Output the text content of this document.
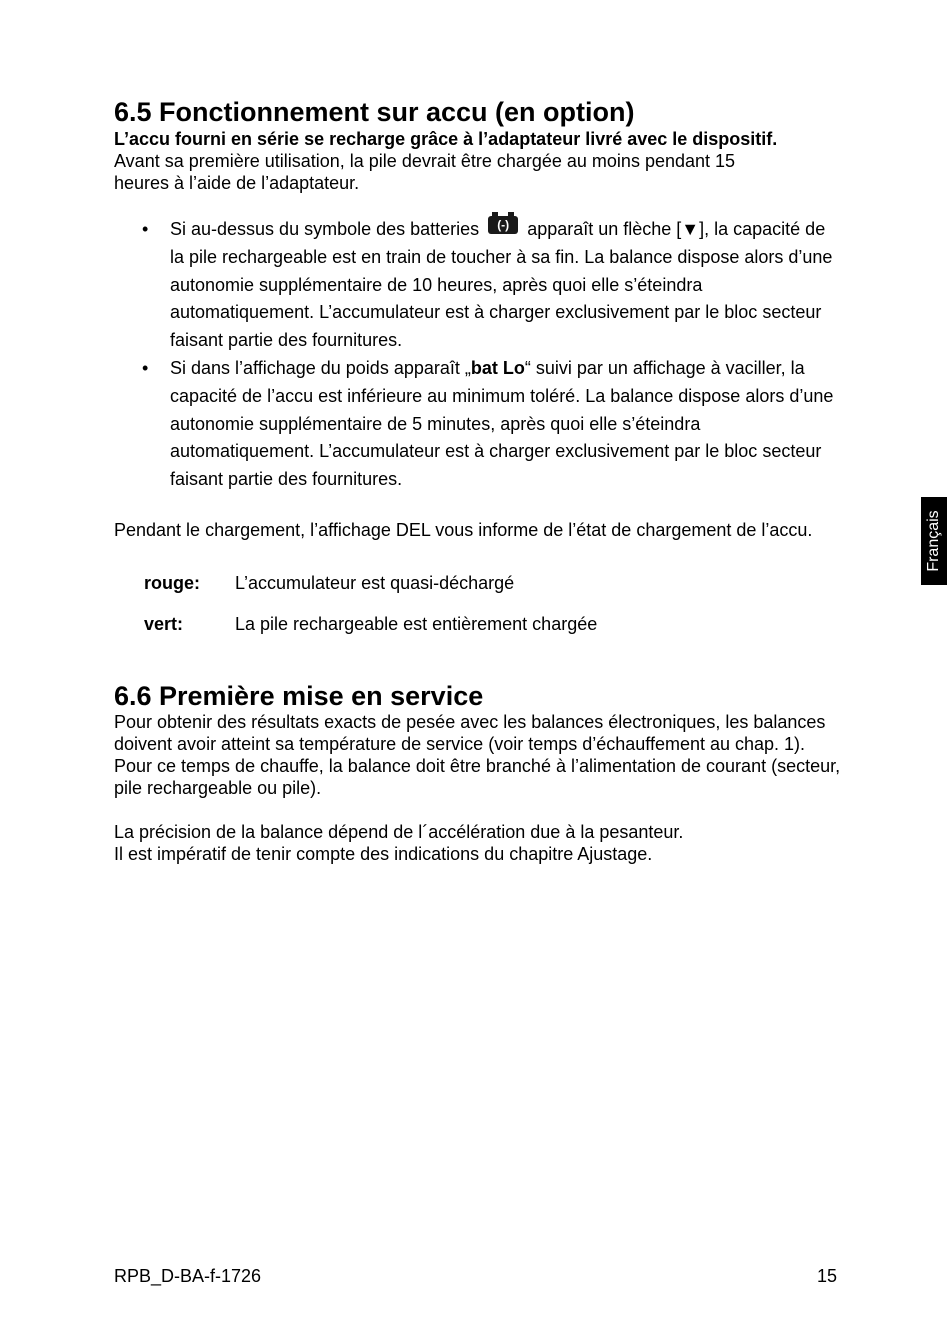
6.5 Fonctionnement sur accu (en option)

L’accu fourni en série se recharge grâce à l’adaptateur livré avec le dispositif.

Avant sa première utilisation, la pile devrait être chargée au moins pendant 15 heures à l’aide de l’adaptateur.

• Si au-dessus du symbole des batteries (-) apparaît un flèche [▼], la capacité de la pile rechargeable est en train de toucher à sa fin. La balance dispose alors d’une autonomie supplémentaire de 10 heures, après quoi elle s’éteindra automatiquement. L’accumulateur est à charger exclusivement par le bloc secteur faisant partie des fournitures.
• Si dans l’affichage du poids apparaît „bat Lo“ suivi par un affichage à vaciller, la capacité de l’accu est inférieure au minimum toléré. La balance dispose alors d’une autonomie supplémentaire de 5 minutes, après quoi elle s’éteindra automatiquement. L’accumulateur est à charger exclusivement par le bloc secteur faisant partie des fournitures.

Pendant le chargement, l’affichage DEL vous informe de l’état de chargement de l’accu.

rouge:	L’accumulateur est quasi-déchargé
vert:	La pile rechargeable est entièrement chargée
6.6 Première mise en service

Pour obtenir des résultats exacts de pesée avec les balances électroniques, les balances doivent avoir atteint sa température de service (voir temps d’échauffement au chap. 1). Pour ce temps de chauffe, la balance doit être branché à l’alimentation de courant (secteur, pile rechargeable ou pile).

La précision de la balance dépend de l´accélération due à la pesanteur.

Il est impératif de tenir compte des indications du chapitre Ajustage.

Français
RPB_D-BA-f-1726	15
